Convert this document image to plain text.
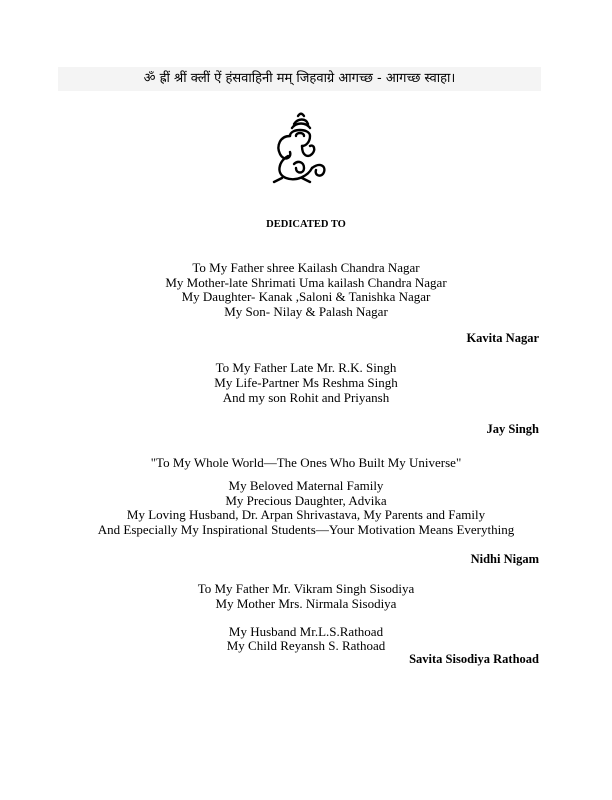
ॐ ह्रीं श्रीं क्लीं ऐं हंसवाहिनी मम् जिहवाग्रे आगच्छ - आगच्छ स्वाहा।
DEDICATED TO
To My Father shree Kailash Chandra Nagar
My Mother-late Shrimati Uma kailash Chandra Nagar
My Daughter- Kanak ,Saloni & Tanishka Nagar
My Son- Nilay & Palash Nagar
Kavita Nagar
To My Father Late Mr. R.K. Singh
My Life-Partner Ms Reshma Singh
And my son Rohit and Priyansh
Jay Singh
"To My Whole World—The Ones Who Built My Universe"
My Beloved Maternal Family
My Precious Daughter, Advika
My Loving Husband, Dr. Arpan Shrivastava, My Parents and Family
And Especially My Inspirational Students—Your Motivation Means Everything
Nidhi Nigam
To My Father Mr. Vikram Singh Sisodiya
My Mother Mrs. Nirmala Sisodiya
My Husband Mr.L.S.Rathoad
My Child Reyansh S. Rathoad
Savita Sisodiya Rathoad
